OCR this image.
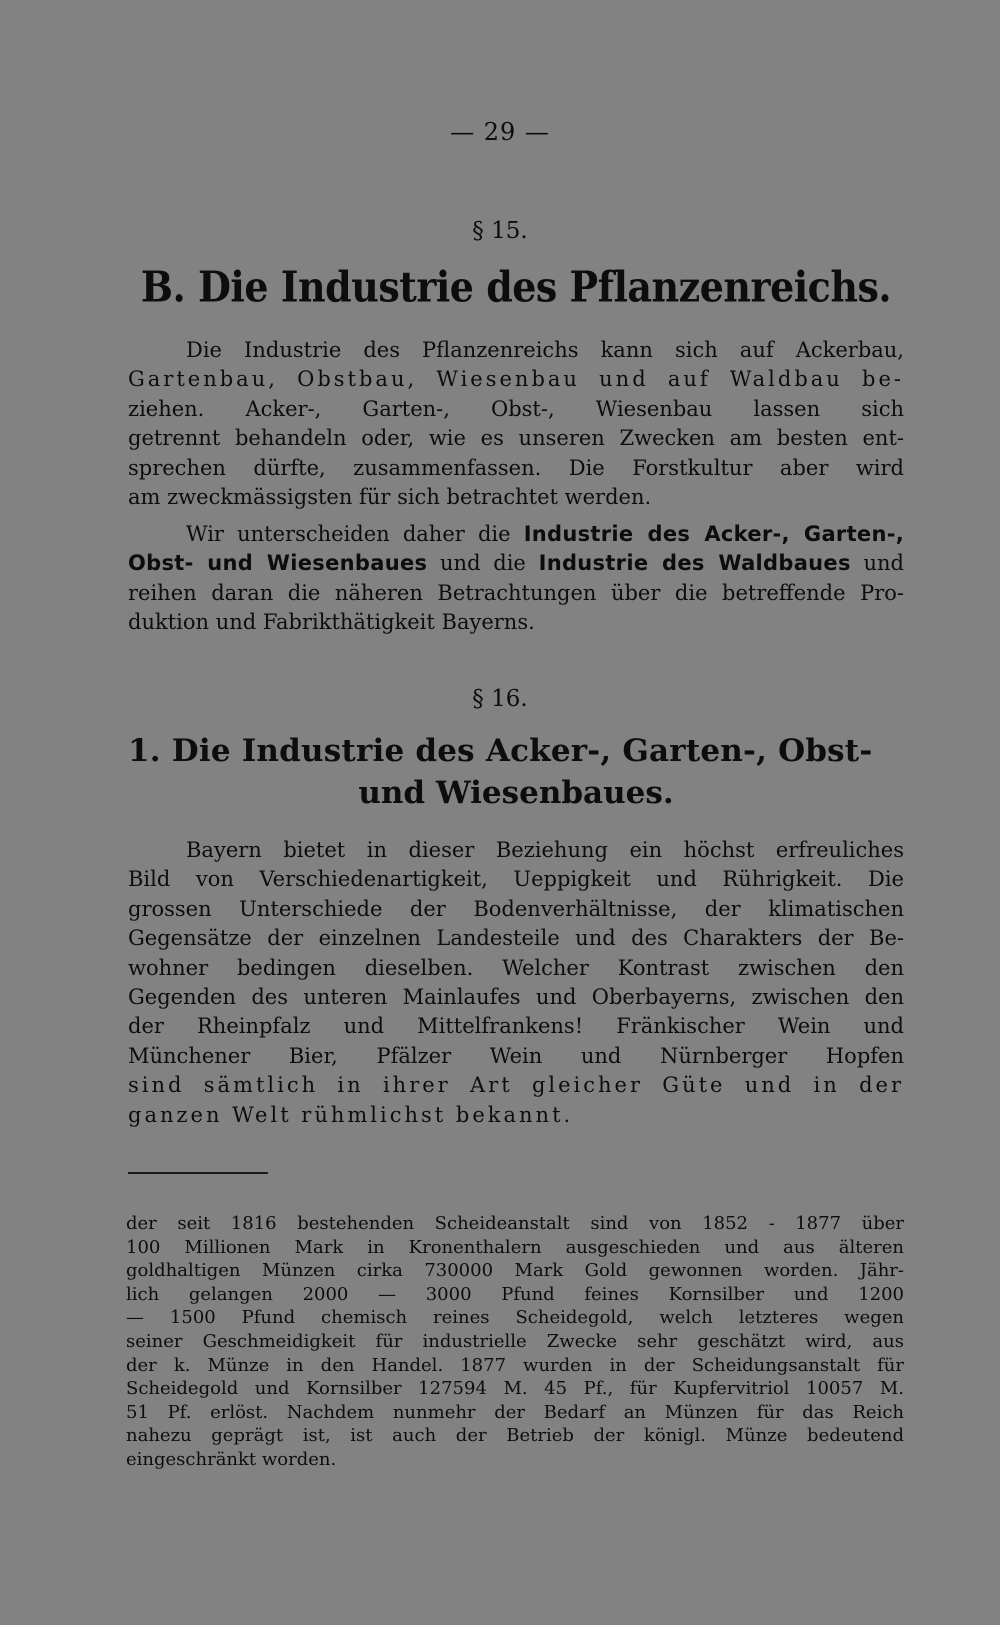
— 29 —
§ 15.
B. Die Industrie des Pflanzenreichs.
Die Industrie des Pflanzenreichs kann sich auf Ackerbau,
Gartenbau, Obstbau, Wiesenbau und auf Waldbau be-
ziehen. Acker-, Garten-, Obst-, Wiesenbau lassen sich
getrennt behandeln oder, wie es unseren Zwecken am besten ent-
sprechen dürfte, zusammenfassen. Die Forstkultur aber wird
am zweckmässigsten für sich betrachtet werden.
Wir unterscheiden daher die Industrie des Acker-, Garten-,
Obst- und Wiesenbaues und die Industrie des Waldbaues und
reihen daran die näheren Betrachtungen über die betreffende Pro-
duktion und Fabrikthätigkeit Bayerns.
§ 16.
1. Die Industrie des Acker-, Garten-, Obst-
und Wiesenbaues.
Bayern bietet in dieser Beziehung ein höchst erfreuliches
Bild von Verschiedenartigkeit, Ueppigkeit und Rührigkeit. Die
grossen Unterschiede der Bodenverhältnisse, der klimatischen
Gegensätze der einzelnen Landesteile und des Charakters der Be-
wohner bedingen dieselben. Welcher Kontrast zwischen den
Gegenden des unteren Mainlaufes und Oberbayerns, zwischen den
der Rheinpfalz und Mittelfrankens! Fränkischer Wein und
Münchener Bier, Pfälzer Wein und Nürnberger Hopfen
sind sämtlich in ihrer Art gleicher Güte und in der
ganzen Welt rühmlichst bekannt.
der seit 1816 bestehenden Scheideanstalt sind von 1852 - 1877 über
100 Millionen Mark in Kronenthalern ausgeschieden und aus älteren
goldhaltigen Münzen cirka 730000 Mark Gold gewonnen worden. Jähr-
lich gelangen 2000 — 3000 Pfund feines Kornsilber und 1200
— 1500 Pfund chemisch reines Scheidegold, welch letzteres wegen
seiner Geschmeidigkeit für industrielle Zwecke sehr geschätzt wird, aus
der k. Münze in den Handel. 1877 wurden in der Scheidungsanstalt für
Scheidegold und Kornsilber 127594 M. 45 Pf., für Kupfervitriol 10057 M.
51 Pf. erlöst. Nachdem nunmehr der Bedarf an Münzen für das Reich
nahezu geprägt ist, ist auch der Betrieb der königl. Münze bedeutend
eingeschränkt worden.
